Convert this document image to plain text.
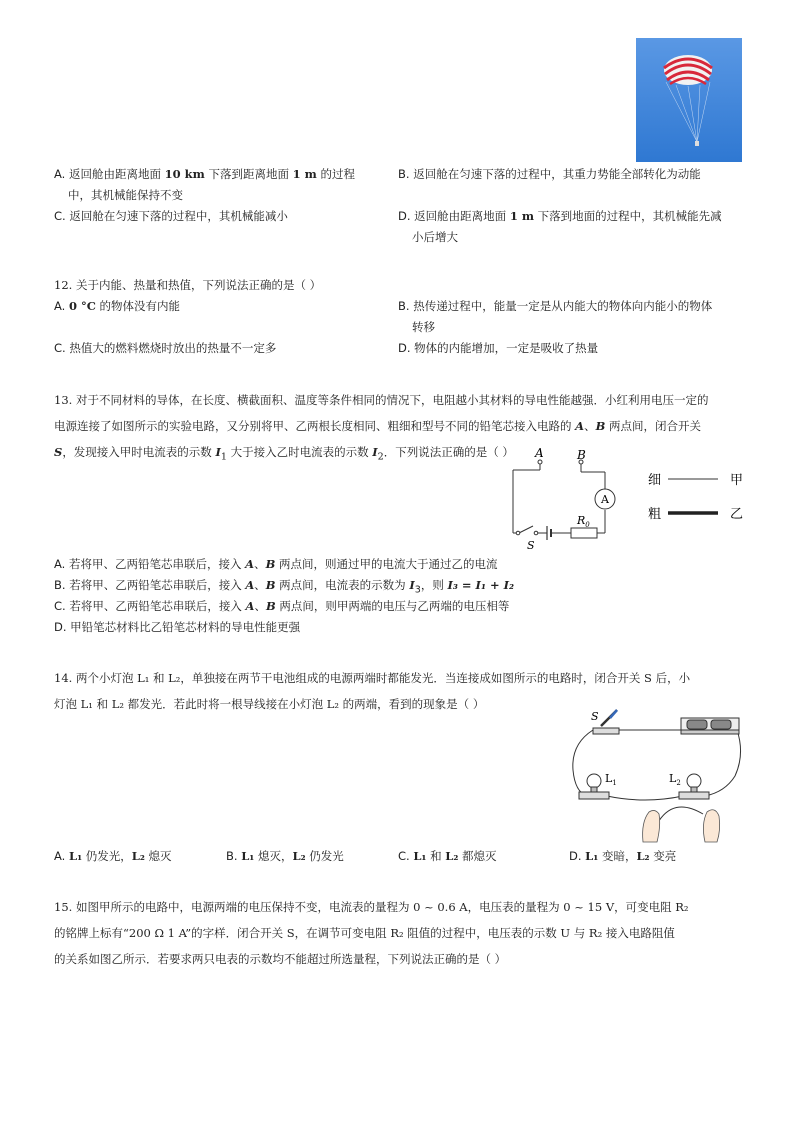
A. 返回舱由距离地面 10 km 下落到距离地面 1 m 的过程
中，其机械能保持不变
B. 返回舱在匀速下落的过程中，其重力势能全部转化为动能
C. 返回舱在匀速下落的过程中，其机械能减小	D. 返回舱由距离地面 1 m 下落到地面的过程中，其机械能先减
小后增大
12. 关于内能、热量和热值，下列说法正确的是（ ）
A. 0 °C 的物体没有内能	B. 热传递过程中，能量一定是从内能大的物体向内能小的物体
转移
C. 热值大的燃料燃烧时放出的热量不一定多	D. 物体的内能增加，一定是吸收了热量
13. 对于不同材料的导体，在长度、横截面积、温度等条件相同的情况下，电阻越小其材料的导电性能越强．小红利用电压一定的
电源连接了如图所示的实验电路，又分别将甲、乙两根长度相同、粗细和型号不同的铅笔芯接入电路的 A、B 两点间，闭合开关
S，发现接入甲时电流表的示数 $I_1$ 大于接入乙时电流表的示数 $I_2$．下列说法正确的是（ ）	A	B
A
$R_0$
S
细	甲
粗	乙
A. 若将甲、乙两铅笔芯串联后，接入 A、B 两点间，则通过甲的电流大于通过乙的电流
B. 若将甲、乙两铅笔芯串联后，接入 A、B 两点间，电流表的示数为 $I_3$，则 I₃ = I₁ + I₂
C. 若将甲、乙两铅笔芯串联后，接入 A、B 两点间，则甲两端的电压与乙两端的电压相等
D. 甲铅笔芯材料比乙铅笔芯材料的导电性能更强
14. 两个小灯泡 L₁ 和 L₂，单独接在两节干电池组成的电源两端时都能发光．当连接成如图所示的电路时，闭合开关 S 后，小
灯泡 L₁ 和 L₂ 都发光．若此时将一根导线接在小灯泡 L₂ 的两端，看到的现象是（ ）
S
$L_1$	$L_2$
A. L₁ 仍发光，L₂ 熄灭	B. L₁ 熄灭，L₂ 仍发光	C. L₁ 和 L₂ 都熄灭	D. L₁ 变暗，L₂ 变亮
15. 如图甲所示的电路中，电源两端的电压保持不变，电流表的量程为 0 ~ 0.6 A，电压表的量程为 0 ~ 15 V，可变电阻 R₂
的铭牌上标有“200 Ω 1 A”的字样．闭合开关 S，在调节可变电阻 R₂ 阻值的过程中，电压表的示数 U 与 R₂ 接入电路阻值
的关系如图乙所示．若要求两只电表的示数均不能超过所选量程，下列说法正确的是（ ）
